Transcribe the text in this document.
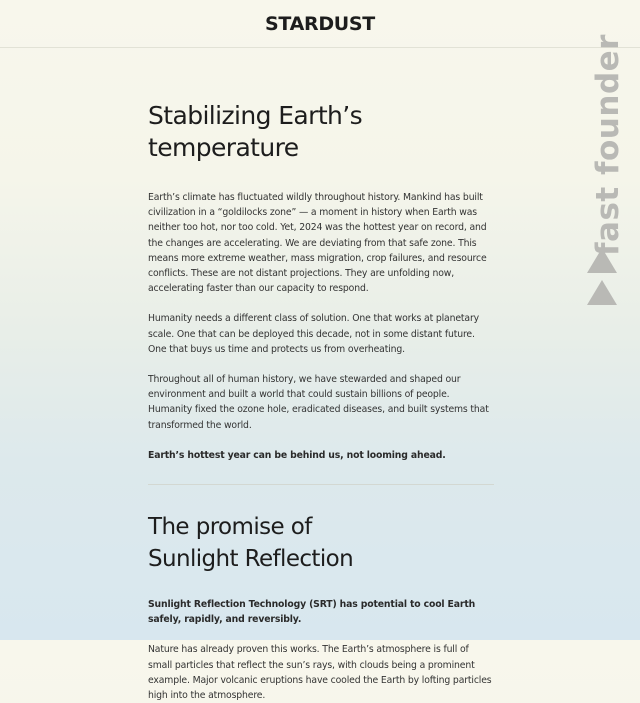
STARDUST
fast founder
Stabilizing Earth’s temperature

Earth’s climate has fluctuated wildly throughout history. Mankind has built civilization in a “goldilocks zone” — a moment in history when Earth was neither too hot, nor too cold. Yet, 2024 was the hottest year on record, and the changes are accelerating. We are deviating from that safe zone. This means more extreme weather, mass migration, crop failures, and resource conflicts. These are not distant projections. They are unfolding now, accelerating faster than our capacity to respond.

Humanity needs a different class of solution. One that works at planetary scale. One that can be deployed this decade, not in some distant future. One that buys us time and protects us from overheating.

Throughout all of human history, we have stewarded and shaped our environment and built a world that could sustain billions of people. Humanity fixed the ozone hole, eradicated diseases, and built systems that transformed the world.

Earth’s hottest year can be behind us, not looming ahead.

The promise of
Sunlight Reflection

Sunlight Reflection Technology (SRT) has potential to cool Earth safely, rapidly, and reversibly.

Nature has already proven this works. The Earth’s atmosphere is full of small particles that reflect the sun’s rays, with clouds being a prominent example. Major volcanic eruptions have cooled the Earth by lofting particles high into the atmosphere.
